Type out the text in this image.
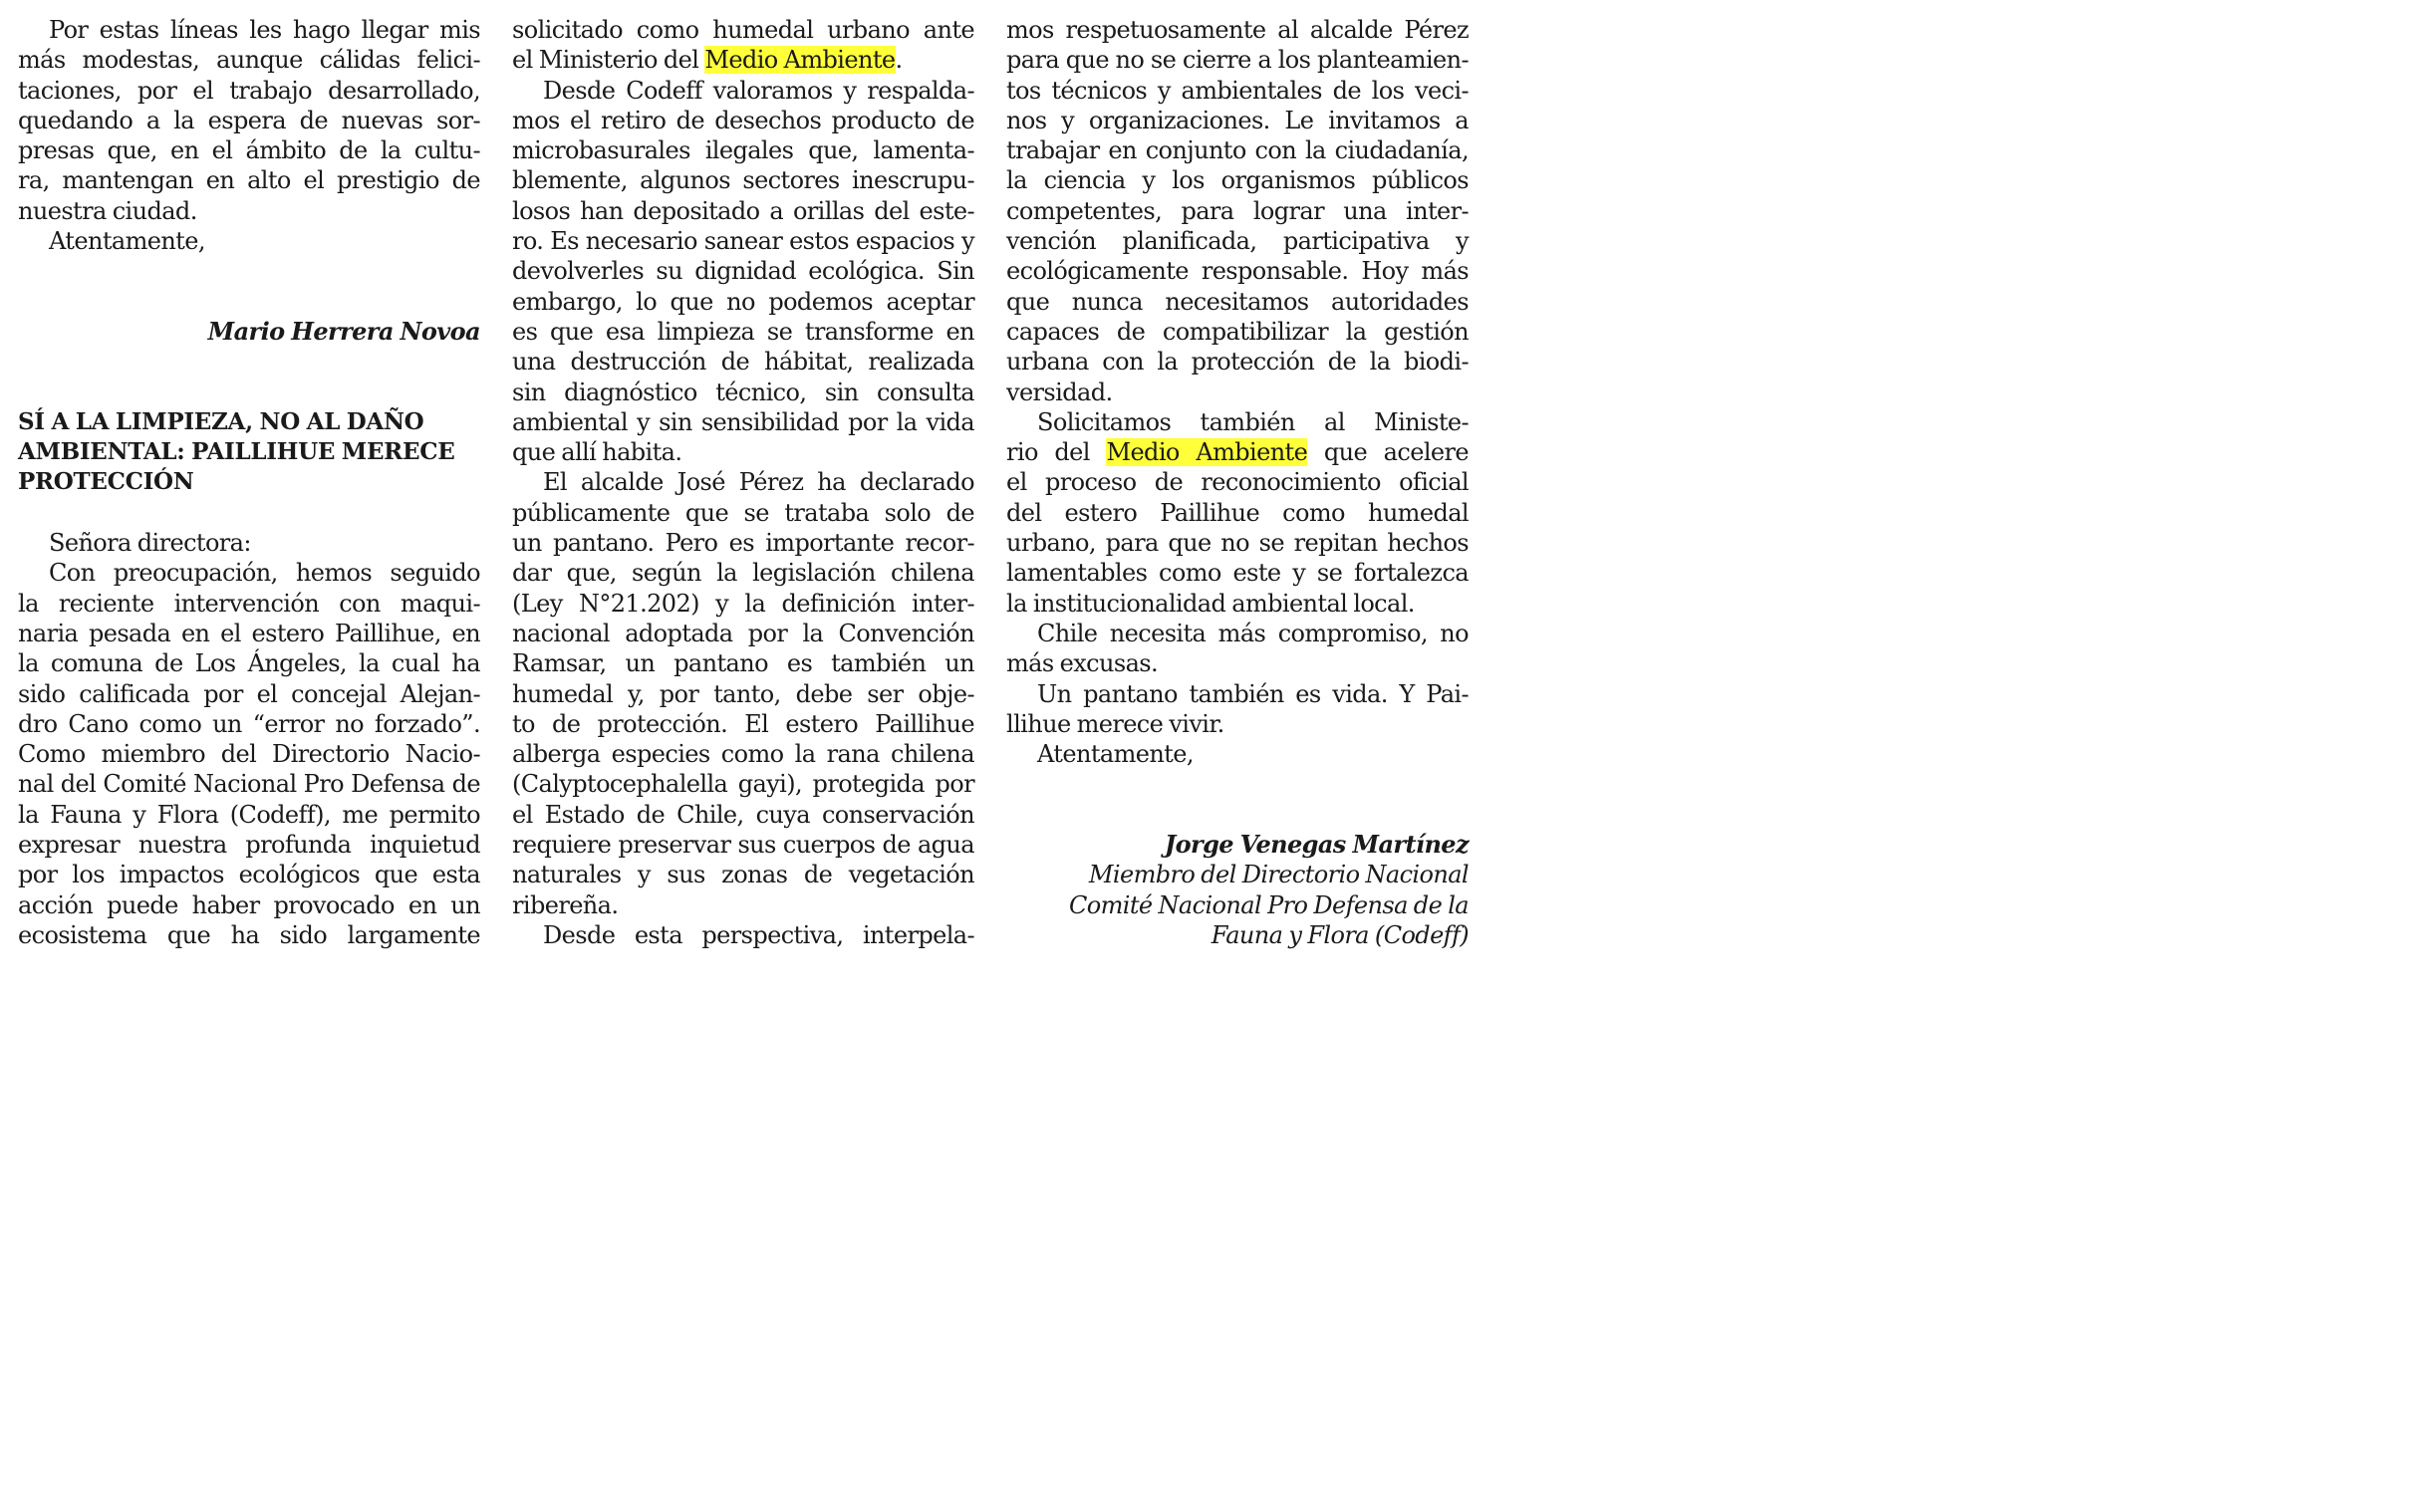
Por estas líneas les hago llegar mis
más modestas, aunque cálidas felici-
taciones, por el trabajo desarrollado,
quedando a la espera de nuevas sor-
presas que, en el ámbito de la cultu-
ra, mantengan en alto el prestigio de
nuestra ciudad.
Atentamente,
Mario Herrera Novoa
SÍ A LA LIMPIEZA, NO AL DAÑO
AMBIENTAL: PAILLIHUE MERECE
PROTECCIÓN
Señora directora:
Con preocupación, hemos seguido
la reciente intervención con maqui-
naria pesada en el estero Paillihue, en
la comuna de Los Ángeles, la cual ha
sido calificada por el concejal Alejan-
dro Cano como un “error no forzado”.
Como miembro del Directorio Nacio-
nal del Comité Nacional Pro Defensa de
la Fauna y Flora (Codeff), me permito
expresar nuestra profunda inquietud
por los impactos ecológicos que esta
acción puede haber provocado en un
ecosistema que ha sido largamente
solicitado como humedal urbano ante
el Ministerio del Medio Ambiente.
Desde Codeff valoramos y respalda-
mos el retiro de desechos producto de
microbasurales ilegales que, lamenta-
blemente, algunos sectores inescrupu-
losos han depositado a orillas del este-
ro. Es necesario sanear estos espacios y
devolverles su dignidad ecológica. Sin
embargo, lo que no podemos aceptar
es que esa limpieza se transforme en
una destrucción de hábitat, realizada
sin diagnóstico técnico, sin consulta
ambiental y sin sensibilidad por la vida
que allí habita.
El alcalde José Pérez ha declarado
públicamente que se trataba solo de
un pantano. Pero es importante recor-
dar que, según la legislación chilena
(Ley N°21.202) y la definición inter-
nacional adoptada por la Convención
Ramsar, un pantano es también un
humedal y, por tanto, debe ser obje-
to de protección. El estero Paillihue
alberga especies como la rana chilena
(Calyptocephalella gayi), protegida por
el Estado de Chile, cuya conservación
requiere preservar sus cuerpos de agua
naturales y sus zonas de vegetación
ribereña.
Desde esta perspectiva, interpela-
mos respetuosamente al alcalde Pérez
para que no se cierre a los planteamien-
tos técnicos y ambientales de los veci-
nos y organizaciones. Le invitamos a
trabajar en conjunto con la ciudadanía,
la ciencia y los organismos públicos
competentes, para lograr una inter-
vención planificada, participativa y
ecológicamente responsable. Hoy más
que nunca necesitamos autoridades
capaces de compatibilizar la gestión
urbana con la protección de la biodi-
versidad.
Solicitamos también al Ministe-
rio del Medio Ambiente que acelere
el proceso de reconocimiento oficial
del estero Paillihue como humedal
urbano, para que no se repitan hechos
lamentables como este y se fortalezca
la institucionalidad ambiental local.
Chile necesita más compromiso, no
más excusas.
Un pantano también es vida. Y Pai-
llihue merece vivir.
Atentamente,
Jorge Venegas Martínez
Miembro del Directorio Nacional
Comité Nacional Pro Defensa de la
Fauna y Flora (Codeff)
